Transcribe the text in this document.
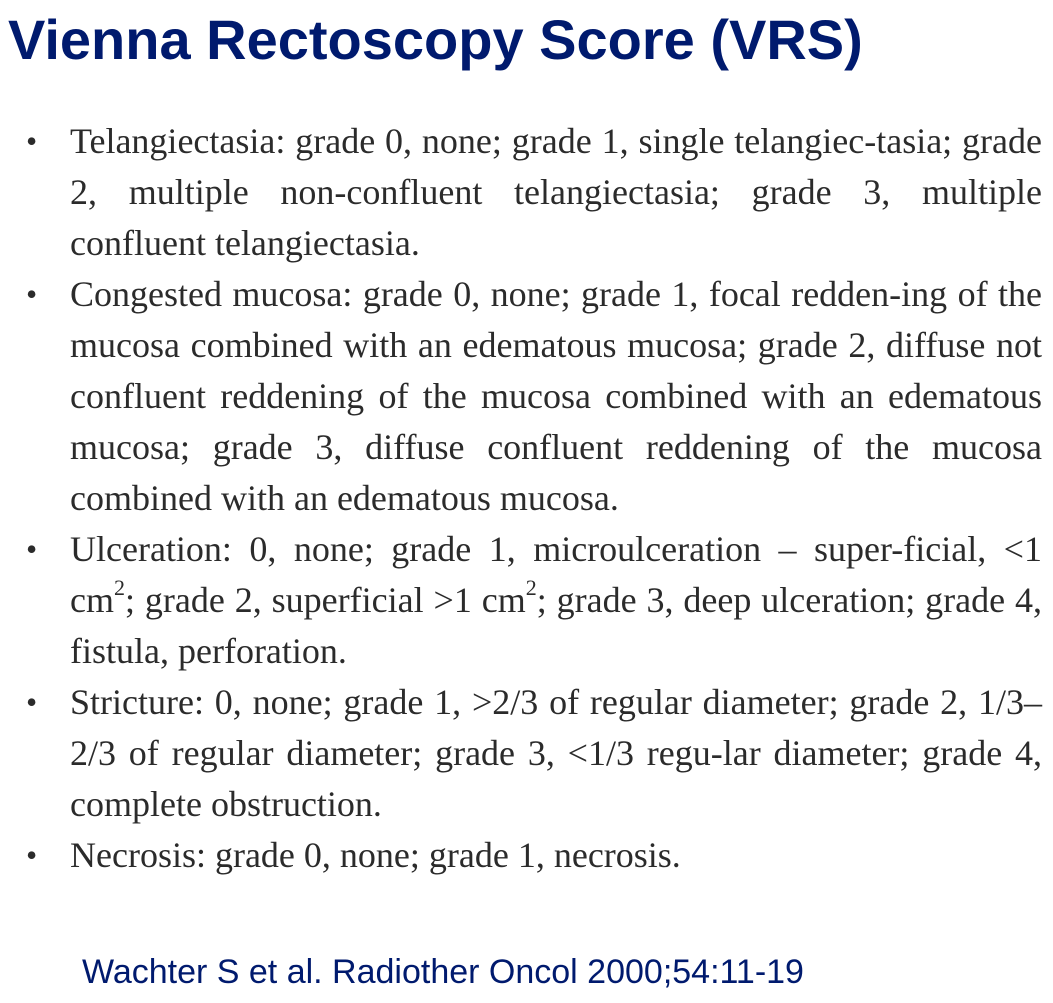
Vienna Rectoscopy Score (VRS)
• Telangiectasia: grade 0, none; grade 1, single telangiec-tasia; grade 2, multiple non-confluent telangiectasia; grade 3, multiple confluent telangiectasia.
• Congested mucosa: grade 0, none; grade 1, focal redden-ing of the mucosa combined with an edematous mucosa; grade 2, diffuse not confluent reddening of the mucosa combined with an edematous mucosa; grade 3, diffuse confluent reddening of the mucosa combined with an edematous mucosa.
• Ulceration: 0, none; grade 1, microulceration – super-ficial, <1 $cm^2$; grade 2, superficial >1 $cm^2$; grade 3, deep ulceration; grade 4, fistula, perforation.
• Stricture: 0, none; grade 1, >2/3 of regular diameter; grade 2, 1/3–2/3 of regular diameter; grade 3, <1/3 regu-lar diameter; grade 4, complete obstruction.
• Necrosis: grade 0, none; grade 1, necrosis.

Wachter S et al. Radiother Oncol 2000;54:11-19
